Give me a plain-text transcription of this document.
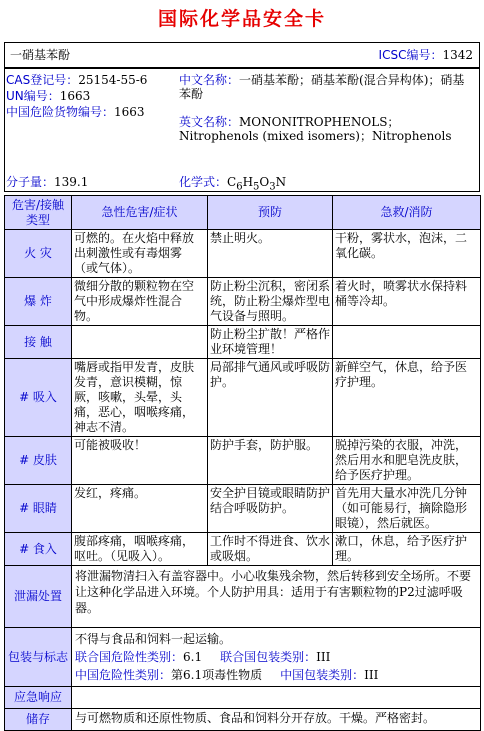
国际化学品安全卡
一硝基苯酚	ICSC编号：1342
CAS登记号：25154-55-6
UN编号：1663
中国危险货物编号：1663
中文名称：一硝基苯酚；硝基苯酚(混合异构体)；硝基苯酚
英文名称：MONONITROPHENOLS；Nitrophenols (mixed isomers)；Nitrophenols
分子量：139.1	化学式：$C_6H_5O_3N$
危害/接触类型	急性危害/症状	预防	急救/消防
火 灾	可燃的。在火焰中释放出刺激性或有毒烟雾（或气体）。	禁止明火。	干粉，雾状水，泡沫，二氧化碳。
爆 炸	微细分散的颗粒物在空气中形成爆炸性混合物。	防止粉尘沉积，密闭系统，防止粉尘爆炸型电气设备与照明。	着火时，喷雾状水保持料桶等冷却。
接 触		防止粉尘扩散！严格作业环境管理！	
# 吸入	嘴唇或指甲发青，皮肤发青，意识模糊，惊厥，咳嗽，头晕，头痛，恶心，咽喉疼痛，神志不清。	局部排气通风或呼吸防护。	新鲜空气，休息，给予医疗护理。
# 皮肤	可能被吸收！	防护手套，防护服。	脱掉污染的衣服，冲洗，然后用水和肥皂洗皮肤，给予医疗护理。
# 眼睛	发红，疼痛。	安全护目镜或眼睛防护结合呼吸防护。	首先用大量水冲洗几分钟（如可能易行，摘除隐形眼镜），然后就医。
# 食入	腹部疼痛，咽喉疼痛，呕吐。（见吸入）。	工作时不得进食、饮水或吸烟。	漱口，休息，给予医疗护理。
泄漏处置	将泄漏物清扫入有盖容器中。小心收集残余物，然后转移到安全场所。不要让这种化学品进入环境。个人防护用具：适用于有害颗粒物的P2过滤呼吸器。		
包装与标志	不得与食品和饲料一起运输。
联合国危险性类别：6.1 联合国包装类别：III
中国危险性类别：第6.1项毒性物质 中国包装类别：III		

应急响应			
储存	与可燃物质和还原性物质、食品和饲料分开存放。干燥。严格密封。		
